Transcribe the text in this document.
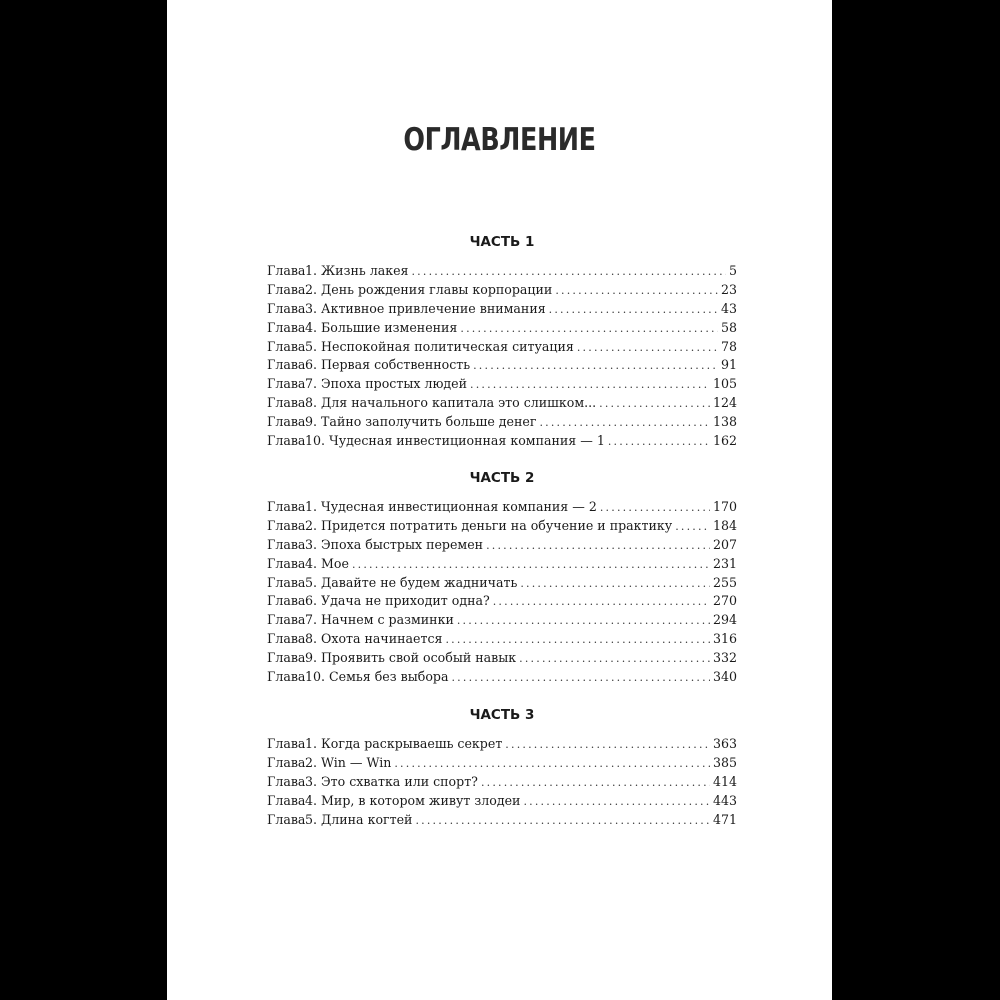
ОГЛАВЛЕНИЕ
ЧАСТЬ 1
Глава 1. Жизнь лакея .....	5
Глава 2. День рождения главы корпорации .....	23
Глава 3. Активное привлечение внимания .....	43
Глава 4. Большие изменения .....	58
Глава 5. Неспокойная политическая ситуация .....	78
Глава 6. Первая собственность .....	91
Глава 7. Эпоха простых людей .....	105
Глава 8. Для начального капитала это слишком... .....	124
Глава 9. Тайно заполучить больше денег .....	138
Глава 10. Чудесная инвестиционная компания — 1 .....	162
ЧАСТЬ 2
Глава 1. Чудесная инвестиционная компания — 2 .....	170
Глава 2. Придется потратить деньги на обучение и практику .....	184
Глава 3. Эпоха быстрых перемен .....	207
Глава 4. Мое .....	231
Глава 5. Давайте не будем жадничать .....	255
Глава 6. Удача не приходит одна? .....	270
Глава 7. Начнем с разминки .....	294
Глава 8. Охота начинается .....	316
Глава 9. Проявить свой особый навык .....	332
Глава 10. Семья без выбора .....	340
ЧАСТЬ 3
Глава 1. Когда раскрываешь секрет .....	363
Глава 2. Win — Win .....	385
Глава 3. Это схватка или спорт? .....	414
Глава 4. Мир, в котором живут злодеи .....	443
Глава 5. Длина когтей .....	471
